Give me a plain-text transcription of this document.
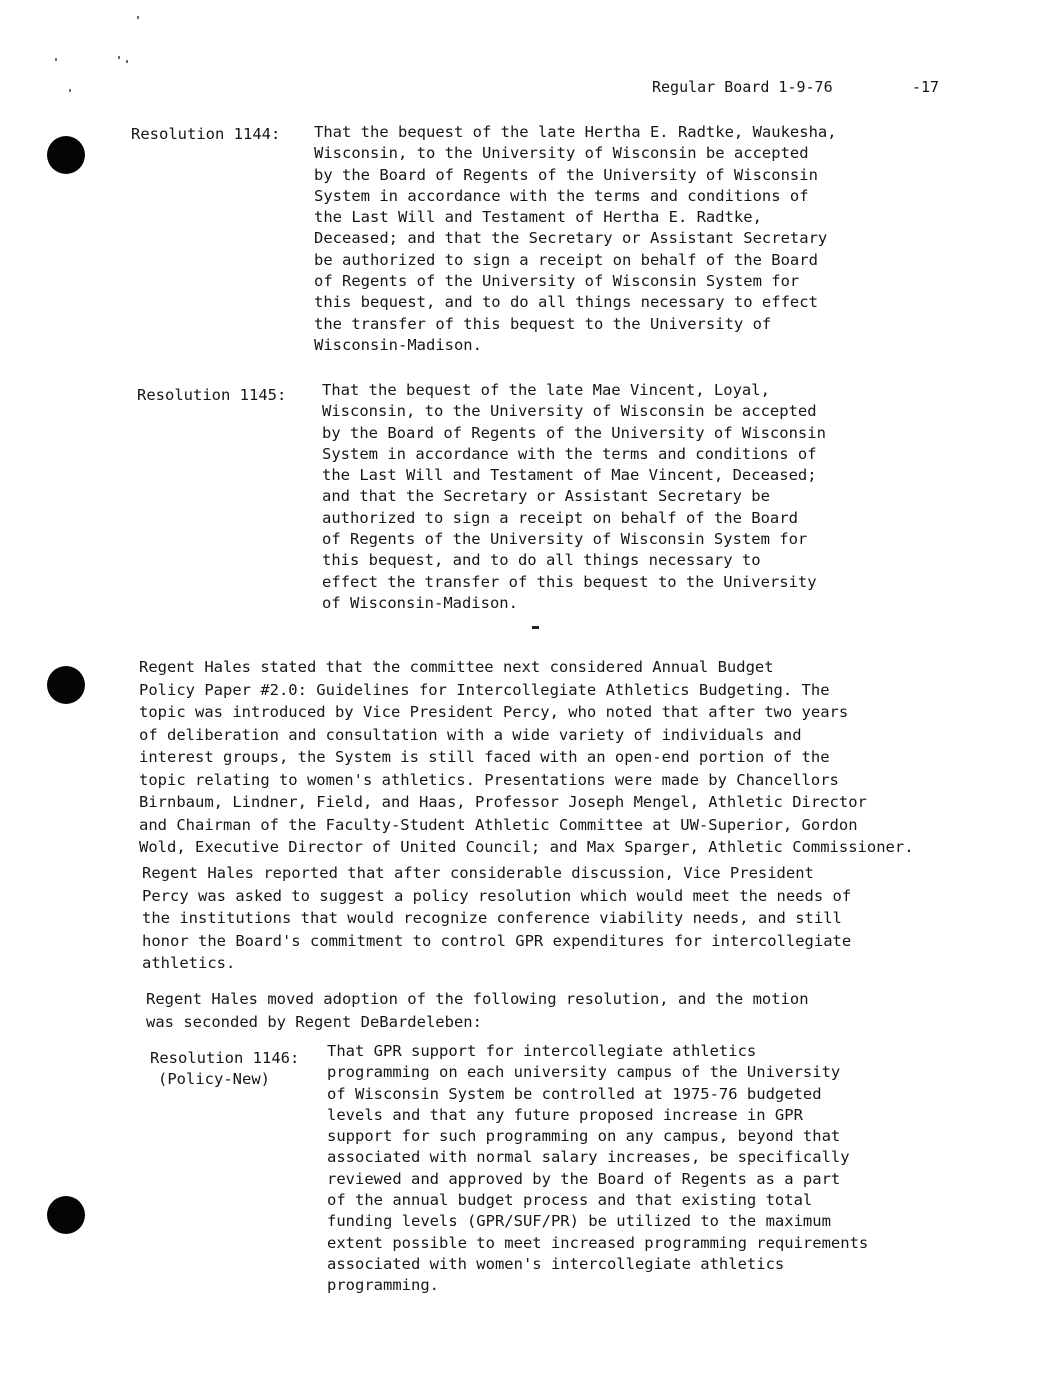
Regular Board 1-9-76	-17
Resolution 1144: That the bequest of the late Hertha E. Radtke, Waukesha,
Wisconsin, to the University of Wisconsin be accepted
by the Board of Regents of the University of Wisconsin
System in accordance with the terms and conditions of
the Last Will and Testament of Hertha E. Radtke,
Deceased; and that the Secretary or Assistant Secretary
be authorized to sign a receipt on behalf of the Board
of Regents of the University of Wisconsin System for
this bequest, and to do all things necessary to effect
the transfer of this bequest to the University of
Wisconsin-Madison.

Resolution 1145: That the bequest of the late Mae Vincent, Loyal,
Wisconsin, to the University of Wisconsin be accepted
by the Board of Regents of the University of Wisconsin
System in accordance with the terms and conditions of
the Last Will and Testament of Mae Vincent, Deceased;
and that the Secretary or Assistant Secretary be
authorized to sign a receipt on behalf of the Board
of Regents of the University of Wisconsin System for
this bequest, and to do all things necessary to
effect the transfer of this bequest to the University
of Wisconsin-Madison.

Regent Hales stated that the committee next considered Annual Budget
Policy Paper #2.0: Guidelines for Intercollegiate Athletics Budgeting. The
topic was introduced by Vice President Percy, who noted that after two years
of deliberation and consultation with a wide variety of individuals and
interest groups, the System is still faced with an open-end portion of the
topic relating to women's athletics. Presentations were made by Chancellors
Birnbaum, Lindner, Field, and Haas, Professor Joseph Mengel, Athletic Director
and Chairman of the Faculty-Student Athletic Committee at UW-Superior, Gordon
Wold, Executive Director of United Council; and Max Sparger, Athletic Commissioner.

Regent Hales reported that after considerable discussion, Vice President
Percy was asked to suggest a policy resolution which would meet the needs of
the institutions that would recognize conference viability needs, and still
honor the Board's commitment to control GPR expenditures for intercollegiate
athletics.

Regent Hales moved adoption of the following resolution, and the motion
was seconded by Regent DeBardeleben:

Resolution 1146:
(Policy-New)

That GPR support for intercollegiate athletics
programming on each university campus of the University
of Wisconsin System be controlled at 1975-76 budgeted
levels and that any future proposed increase in GPR
support for such programming on any campus, beyond that
associated with normal salary increases, be specifically
reviewed and approved by the Board of Regents as a part
of the annual budget process and that existing total
funding levels (GPR/SUF/PR) be utilized to the maximum
extent possible to meet increased programming requirements
associated with women's intercollegiate athletics
programming.
